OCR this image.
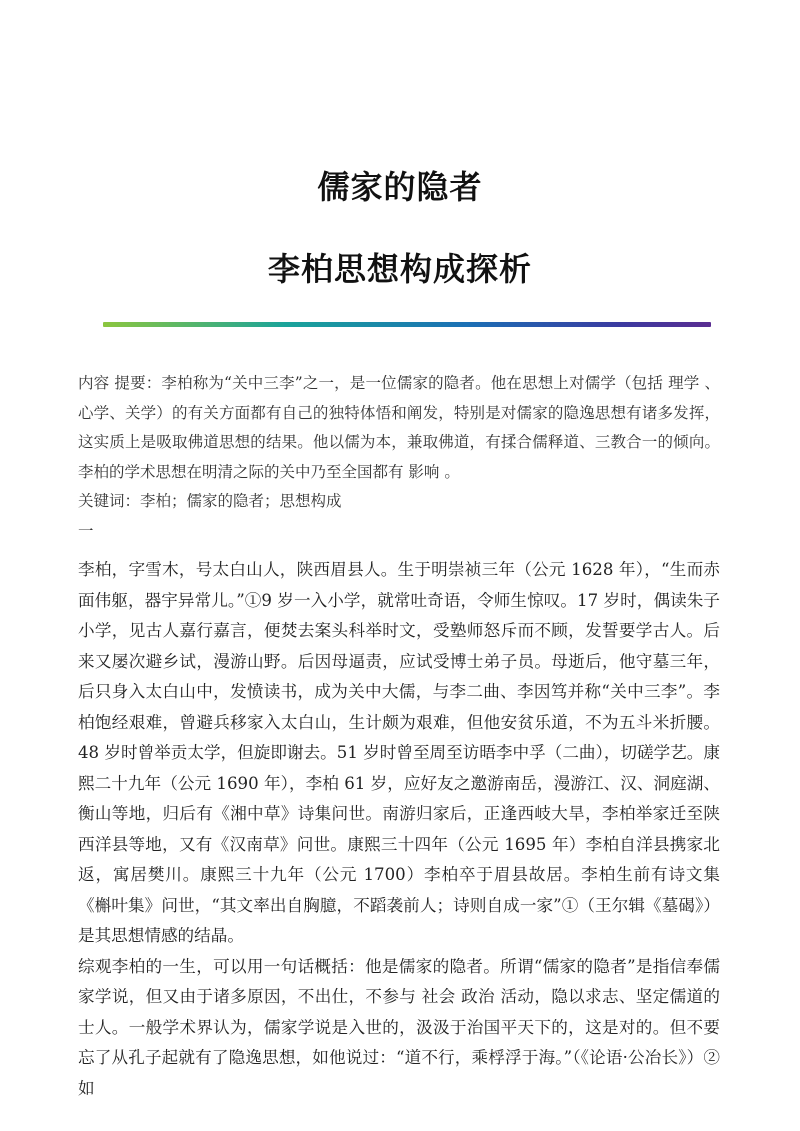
儒家的隐者
李柏思想构成探析

内容 提要：李柏称为“关中三李”之一，是一位儒家的隐者。他在思想上对儒学（包括 理学 、心学、关学）的有关方面都有自己的独特体悟和阐发，特别是对儒家的隐逸思想有诸多发挥，这实质上是吸取佛道思想的结果。他以儒为本，兼取佛道，有揉合儒释道、三教合一的倾向。李柏的学术思想在明清之际的关中乃至全国都有 影响 。

关键词：李柏；儒家的隐者；思想构成

一

李柏，字雪木，号太白山人，陕西眉县人。生于明崇祯三年（公元 1628 年），“生而赤面伟躯，器宇异常儿。”①9 岁一入小学，就常吐奇语，令师生惊叹。17 岁时，偶读朱子小学，见古人嘉行嘉言，便焚去案头科举时文，受塾师怒斥而不顾，发誓要学古人。后来又屡次避乡试，漫游山野。后因母逼责，应试受博士弟子员。母逝后，他守墓三年，后只身入太白山中，发愤读书，成为关中大儒，与李二曲、李因笃并称“关中三李”。李柏饱经艰难，曾避兵移家入太白山，生计颇为艰难，但他安贫乐道，不为五斗米折腰。48 岁时曾举贡太学，但旋即谢去。51 岁时曾至周至访晤李中孚（二曲），切磋学艺。康熙二十九年（公元 1690 年），李柏 61 岁，应好友之邀游南岳，漫游江、汉、洞庭湖、衡山等地，归后有《湘中草》诗集问世。南游归家后，正逢西岐大旱，李柏举家迁至陕西洋县等地，又有《汉南草》问世。康熙三十四年（公元 1695 年）李柏自洋县携家北返，寓居樊川。康熙三十九年（公元 1700）李柏卒于眉县故居。李柏生前有诗文集《槲叶集》问世，“其文率出自胸臆，不蹈袭前人；诗则自成一家”①（王尔辑《墓碣》）是其思想情感的结晶。

综观李柏的一生，可以用一句话概括：他是儒家的隐者。所谓“儒家的隐者”是指信奉儒家学说，但又由于诸多原因，不出仕，不参与 社会 政治 活动，隐以求志、坚定儒道的士人。一般学术界认为，儒家学说是入世的，汲汲于治国平天下的，这是对的。但不要忘了从孔子起就有了隐逸思想，如他说过：“道不行，乘桴浮于海。”（《论语·公冶长》）②如
